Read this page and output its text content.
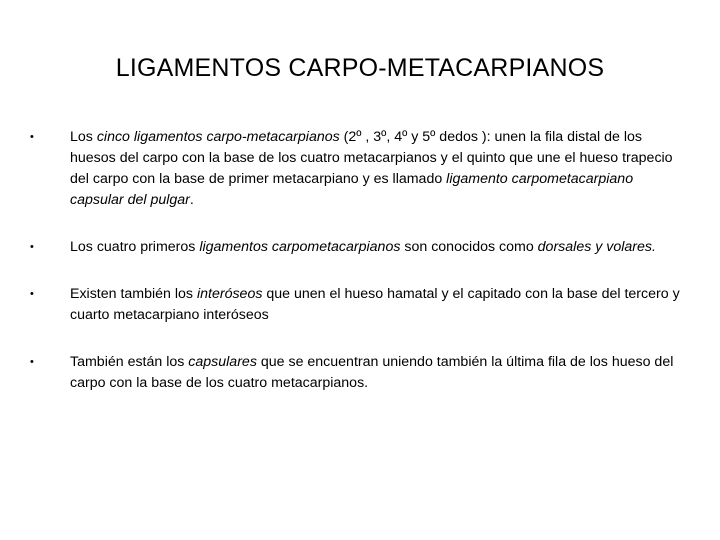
LIGAMENTOS CARPO-METACARPIANOS
•	Los cinco ligamentos carpo-metacarpianos (2º , 3º, 4º y 5º dedos ): unen la fila distal de los huesos del carpo con la base de los cuatro metacarpianos y el quinto que une el hueso trapecio del carpo con la base de primer metacarpiano y es llamado ligamento carpometacarpiano capsular del pulgar.
•	Los cuatro primeros ligamentos carpometacarpianos son conocidos como dorsales y volares.
•	Existen también los interóseos que unen el hueso hamatal y el capitado con la base del tercero y cuarto metacarpiano interóseos
•	También están los capsulares que se encuentran uniendo también la última fila de los hueso del carpo con la base de los cuatro metacarpianos.
